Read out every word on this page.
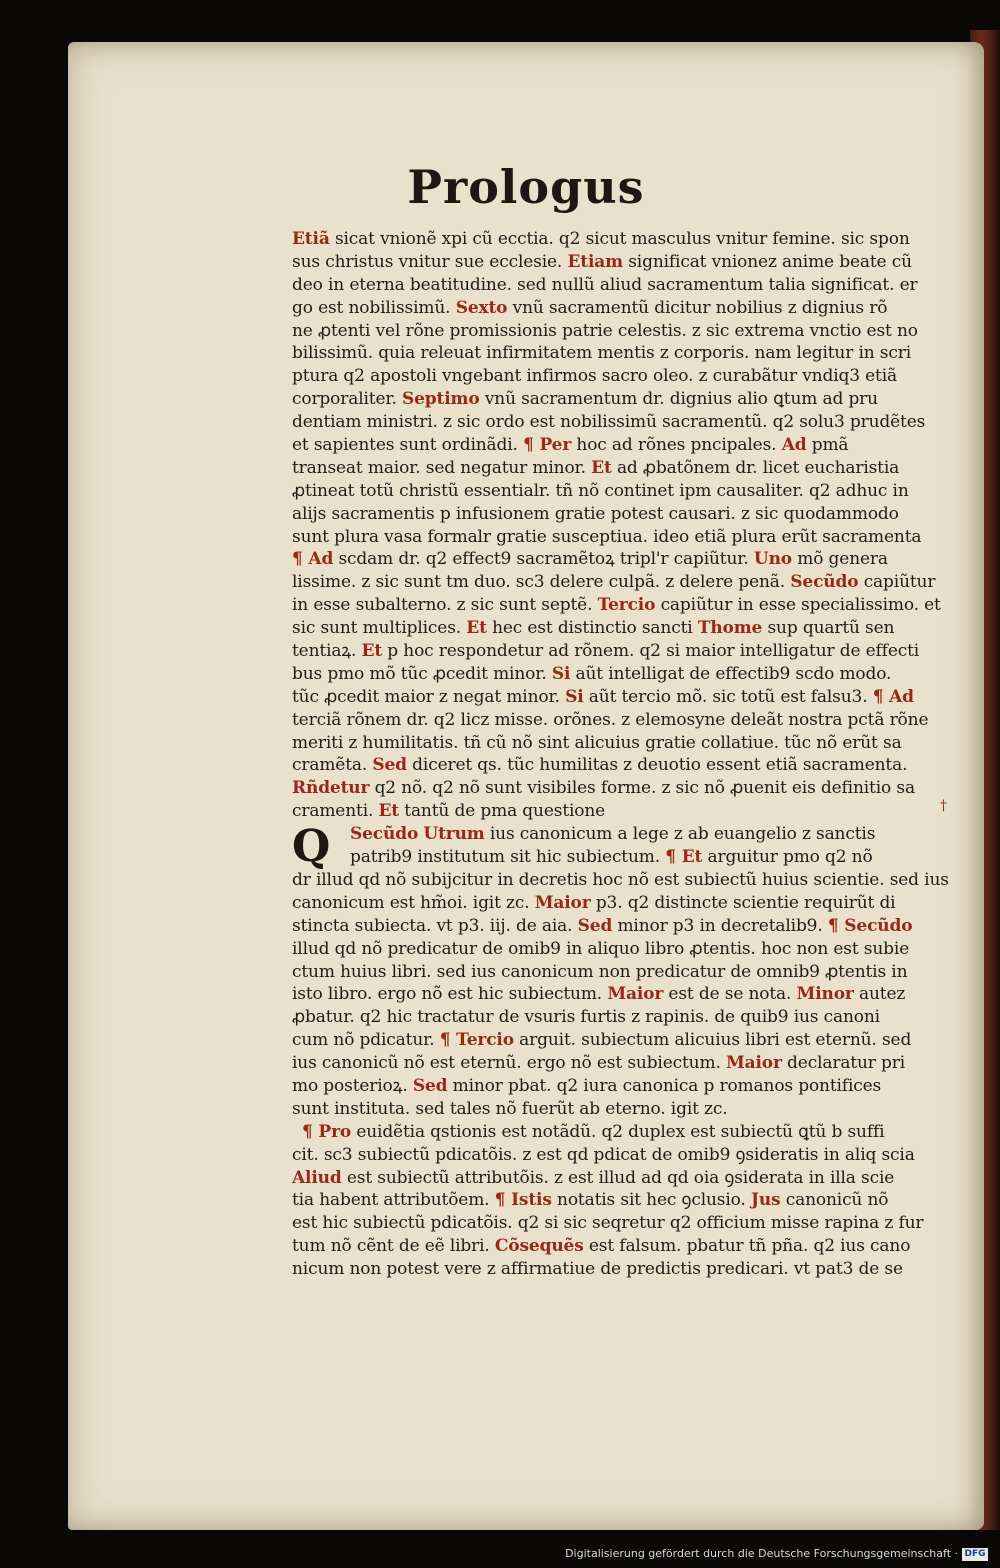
Prologus
Q
Etiã sicat vnionẽ xpi cũ ecctia. q2 sicut masculus vnitur femine. sic spon
sus christus vnitur sue ecclesie. Etiam significat vnionez anime beate cũ
deo in eterna beatitudine. sed nullũ aliud sacramentum talia significat. er
go est nobilissimũ. Sexto vnũ sacramentũ dicitur nobilius z dignius rõ
ne ꝓtenti vel rõne promissionis patrie celestis. z sic extrema vnctio est no
bilissimũ. quia releuat infirmitatem mentis z corporis. nam legitur in scri
ptura q2 apostoli vngebant infirmos sacro oleo. z curabãtur vndiq3 etiã
corporaliter. Septimo vnũ sacramentum dr. dignius alio ꝗtum ad pru
dentiam ministri. z sic ordo est nobilissimũ sacramentũ. q2 solu3 prudẽtes
et sapientes sunt ordinãdi. ¶ Per hoc ad rõnes pncipales. Ad pmã
transeat maior. sed negatur minor. Et ad ꝓbatõnem dr. licet eucharistia
ꝓtineat totũ christũ essentialr. tñ nõ continet ipm causaliter. q2 adhuc in
alijs sacramentis p infusionem gratie potest causari. z sic quodammodo
sunt plura vasa formalr gratie susceptiua. ideo etiã plura erũt sacramenta
¶ Ad scdam dr. q2 effect9 sacramẽtoꝝ tripl'r capiũtur. Uno mõ genera
lissime. z sic sunt tm duo. sc3 delere culpã. z delere penã. Secũdo capiũtur
in esse subalterno. z sic sunt septẽ. Tercio capiũtur in esse specialissimo. et
sic sunt multiplices. Et hec est distinctio sancti Thome sup quartũ sen
tentiaꝝ. Et p hoc respondetur ad rõnem. q2 si maior intelligatur de effecti
bus pmo mõ tũc ꝓcedit minor. Si aũt intelligat de effectib9 scdo modo.
tũc ꝓcedit maior z negat minor. Si aũt tercio mõ. sic totũ est falsu3. ¶ Ad
terciã rõnem dr. q2 licz misse. orõnes. z elemosyne deleãt nostra pctã rõne
meriti z humilitatis. tñ cũ nõ sint alicuius gratie collatiue. tũc nõ erũt sa
cramẽta. Sed diceret qs. tũc humilitas z deuotio essent etiã sacramenta.
Rñdetur q2 nõ. q2 nõ sunt visibiles forme. z sic nõ ꝓuenit eis definitio sa
cramenti. Et tantũ de pma questione
Secũdo Utrum ius canonicum a lege z ab euangelio z sanctis
patrib9 institutum sit hic subiectum. ¶ Et arguitur pmo q2 nõ
dr illud qd nõ subijcitur in decretis hoc nõ est subiectũ huius scientie. sed ius
canonicum est hm̃oi. igit zc. Maior p3. q2 distincte scientie requirũt di
stincta subiecta. vt p3. iij. de aia. Sed minor p3 in decretalib9. ¶ Secũdo
illud qd nõ predicatur de omib9 in aliquo libro ꝓtentis. hoc non est subie
ctum huius libri. sed ius canonicum non predicatur de omnib9 ꝓtentis in
isto libro. ergo nõ est hic subiectum. Maior est de se nota. Minor autez
ꝓbatur. q2 hic tractatur de vsuris furtis z rapinis. de quib9 ius canoni
cum nõ pdicatur. ¶ Tercio arguit. subiectum alicuius libri est eternũ. sed
ius canonicũ nõ est eternũ. ergo nõ est subiectum. Maior declaratur pri
mo posterioꝝ. Sed minor pbat. q2 iura canonica p romanos pontifices
sunt instituta. sed tales nõ fuerũt ab eterno. igit zc.
¶ Pro euidẽtia qstionis est notãdũ. q2 duplex est subiectũ ꝗtũ b suffi
cit. sc3 subiectũ pdicatõis. z est qd pdicat de omib9 ꝯsideratis in aliq scia
Aliud est subiectũ attributõis. z est illud ad qd oia ꝯsiderata in illa scie
tia habent attributõem. ¶ Istis notatis sit hec ꝯclusio. Jus canonicũ nõ
est hic subiectũ pdicatõis. q2 si sic seqretur q2 officium misse rapina z fur
tum nõ cẽnt de eẽ libri. Cõsequẽs est falsum. pbatur tñ pña. q2 ius cano
nicum non potest vere z affirmatiue de predictis predicari. vt pat3 de se
†
Digitalisierung gefördert durch die Deutsche Forschungsgemeinschaft · DFG
